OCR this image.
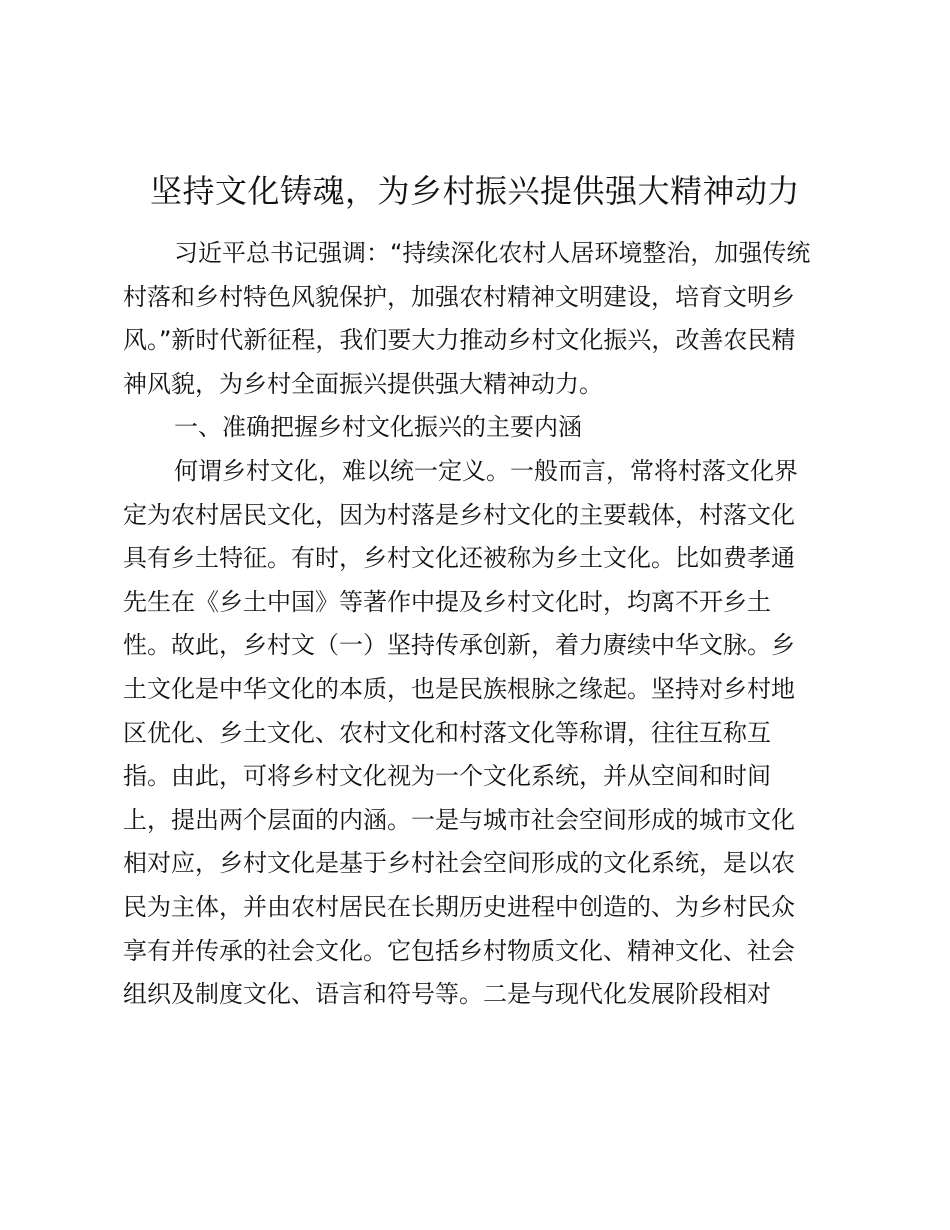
坚持文化铸魂，为乡村振兴提供强大精神动力
习近平总书记强调：“持续深化农村人居环境整治，加强传统
村落和乡村特色风貌保护，加强农村精神文明建设，培育文明乡
风。”新时代新征程，我们要大力推动乡村文化振兴，改善农民精
神风貌，为乡村全面振兴提供强大精神动力。
一、准确把握乡村文化振兴的主要内涵
何谓乡村文化，难以统一定义。一般而言，常将村落文化界
定为农村居民文化，因为村落是乡村文化的主要载体，村落文化
具有乡土特征。有时，乡村文化还被称为乡土文化。比如费孝通
先生在《乡土中国》等著作中提及乡村文化时，均离不开乡土
性。故此，乡村文（一）坚持传承创新，着力赓续中华文脉。乡
土文化是中华文化的本质，也是民族根脉之缘起。坚持对乡村地
区优化、乡土文化、农村文化和村落文化等称谓，往往互称互
指。由此，可将乡村文化视为一个文化系统，并从空间和时间
上，提出两个层面的内涵。一是与城市社会空间形成的城市文化
相对应，乡村文化是基于乡村社会空间形成的文化系统，是以农
民为主体，并由农村居民在长期历史进程中创造的、为乡村民众
享有并传承的社会文化。它包括乡村物质文化、精神文化、社会
组织及制度文化、语言和符号等。二是与现代化发展阶段相对
